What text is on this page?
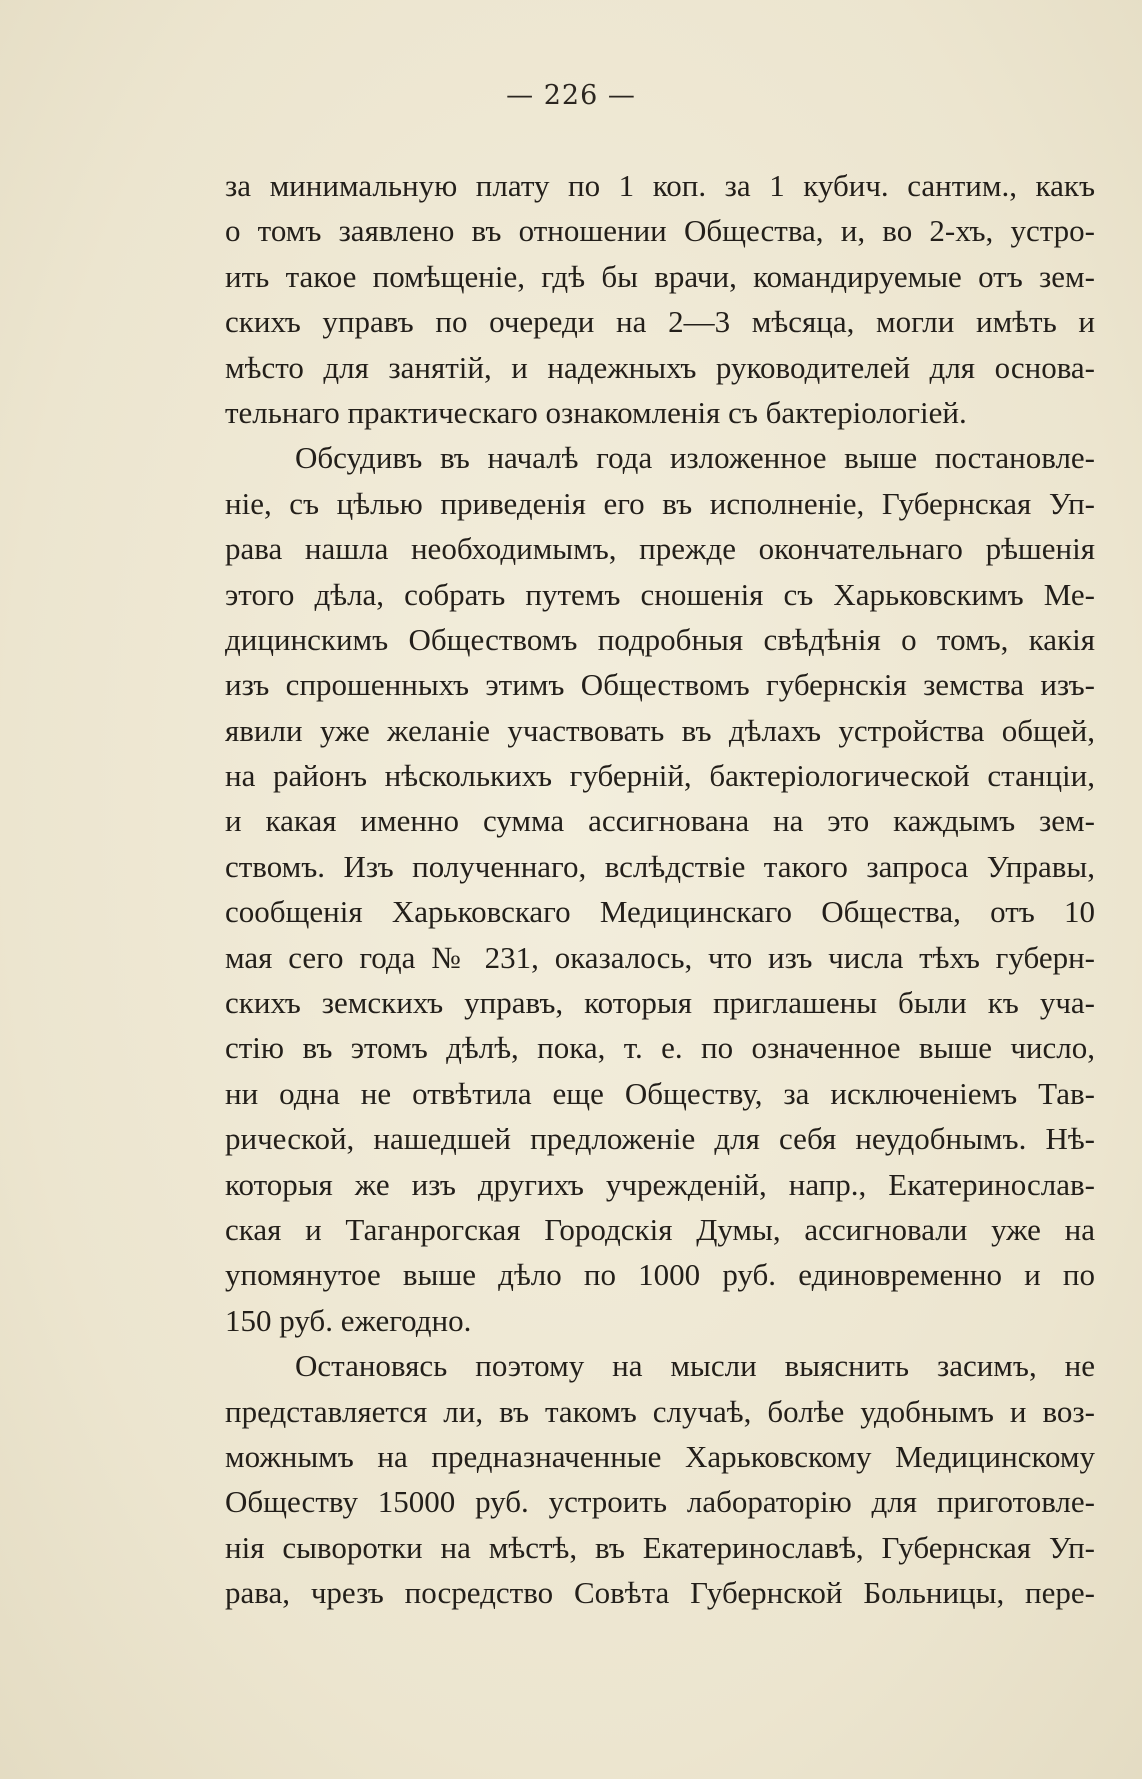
— 226 —
за минимальную плату по 1 коп. за 1 кубич. сантим., какъ
о томъ заявлено въ отношении Общества, и, во 2-хъ, устро-
ить такое помѣщеніе, гдѣ бы врачи, командируемые отъ зем-
скихъ управъ по очереди на 2—3 мѣсяца, могли имѣть и
мѣсто для занятій, и надежныхъ руководителей для основа-
тельнаго практическаго ознакомленія съ бактеріологіей.
Обсудивъ въ началѣ года изложенное выше постановле-
ніе, съ цѣлью приведенія его въ исполненіе, Губернская Уп-
рава нашла необходимымъ, прежде окончательнаго рѣшенія
этого дѣла, собрать путемъ сношенія съ Харьковскимъ Ме-
дицинскимъ Обществомъ подробныя свѣдѣнія о томъ, какія
изъ спрошенныхъ этимъ Обществомъ губернскія земства изъ-
явили уже желаніе участвовать въ дѣлахъ устройства общей,
на районъ нѣсколькихъ губерній, бактеріологической станціи,
и какая именно сумма ассигнована на это каждымъ зем-
ствомъ. Изъ полученнаго, вслѣдствіе такого запроса Управы,
сообщенія Харьковскаго Медицинскаго Общества, отъ 10
мая сего года № 231, оказалось, что изъ числа тѣхъ губерн-
скихъ земскихъ управъ, которыя приглашены были къ уча-
стію въ этомъ дѣлѣ, пока, т. е. по означенное выше число,
ни одна не отвѣтила еще Обществу, за исключеніемъ Тав-
рической, нашедшей предложеніе для себя неудобнымъ. Нѣ-
которыя же изъ другихъ учрежденій, напр., Екатеринослав-
ская и Таганрогская Городскія Думы, ассигновали уже на
упомянутое выше дѣло по 1000 руб. единовременно и по
150 руб. ежегодно.
Остановясь поэтому на мысли выяснить засимъ, не
представляется ли, въ такомъ случаѣ, болѣе удобнымъ и воз-
можнымъ на предназначенные Харьковскому Медицинскому
Обществу 15000 руб. устроить лабораторію для приготовле-
нія сыворотки на мѣстѣ, въ Екатеринославѣ, Губернская Уп-
рава, чрезъ посредство Совѣта Губернской Больницы, пере-
